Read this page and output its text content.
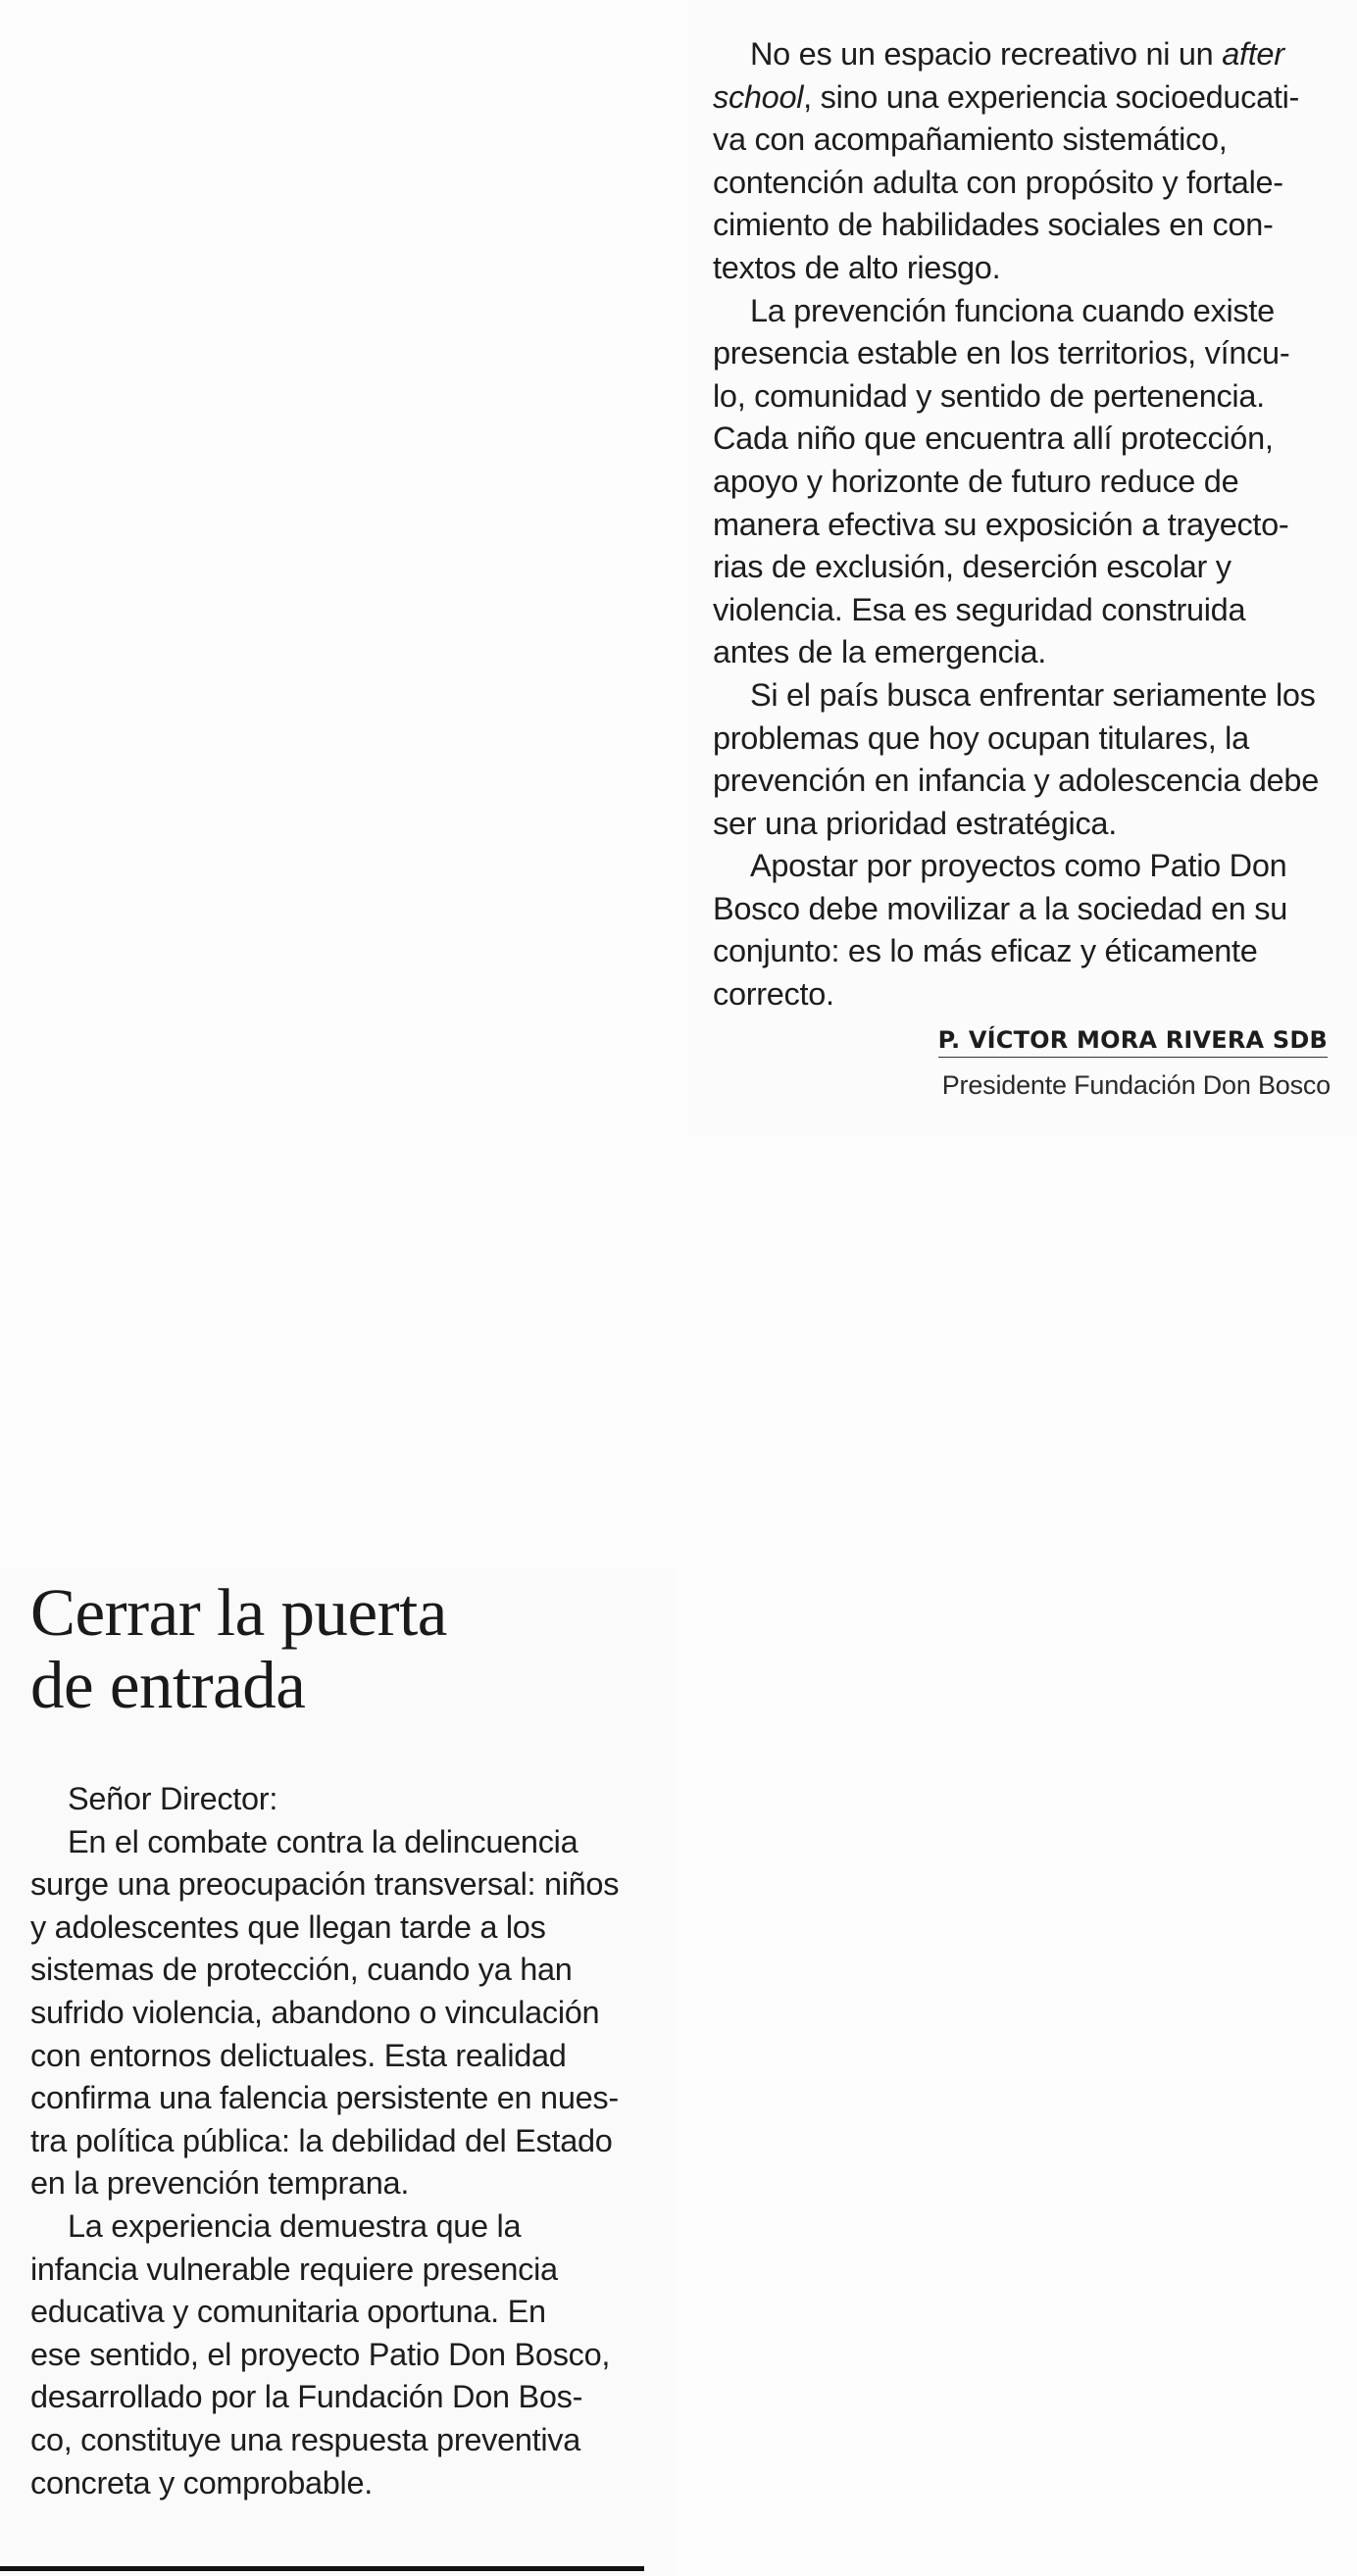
No es un espacio recreativo ni un after
school, sino una experiencia socioeducati-
va con acompañamiento sistemático,
contención adulta con propósito y fortale-
cimiento de habilidades sociales en con-
textos de alto riesgo.
La prevención funciona cuando existe
presencia estable en los territorios, víncu-
lo, comunidad y sentido de pertenencia.
Cada niño que encuentra allí protección,
apoyo y horizonte de futuro reduce de
manera efectiva su exposición a trayecto-
rias de exclusión, deserción escolar y
violencia. Esa es seguridad construida
antes de la emergencia.
Si el país busca enfrentar seriamente los
problemas que hoy ocupan titulares, la
prevención en infancia y adolescencia debe
ser una prioridad estratégica.
Apostar por proyectos como Patio Don
Bosco debe movilizar a la sociedad en su
conjunto: es lo más eficaz y éticamente
correcto.
P. VÍCTOR MORA RIVERA SDB
Presidente Fundación Don Bosco
Señor Director:
En el combate contra la delincuencia
surge una preocupación transversal: niños
y adolescentes que llegan tarde a los
sistemas de protección, cuando ya han
sufrido violencia, abandono o vinculación
con entornos delictuales. Esta realidad
confirma una falencia persistente en nues-
tra política pública: la debilidad del Estado
en la prevención temprana.
La experiencia demuestra que la
infancia vulnerable requiere presencia
educativa y comunitaria oportuna. En
ese sentido, el proyecto Patio Don Bosco,
desarrollado por la Fundación Don Bos-
co, constituye una respuesta preventiva
concreta y comprobable.
Cerrar la puerta
de entrada
